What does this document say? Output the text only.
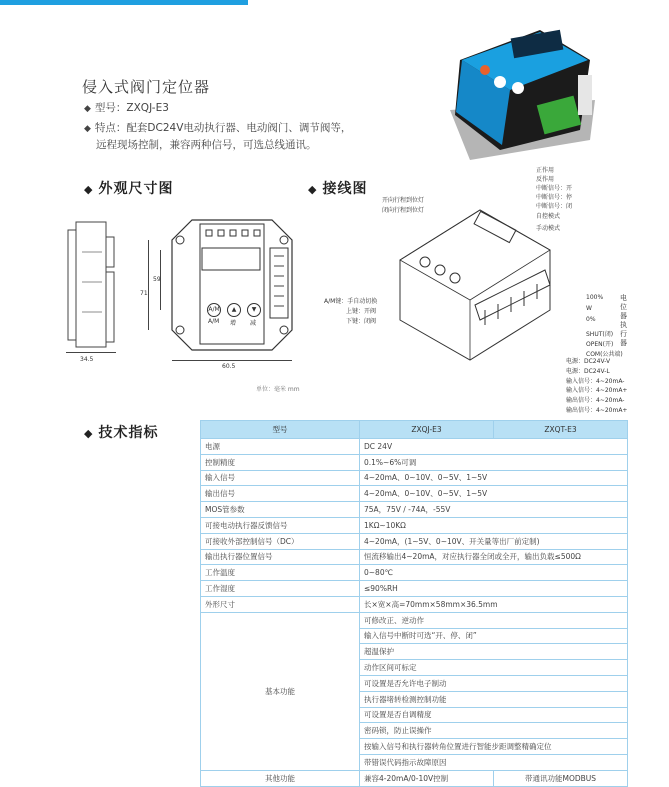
侵入式阀门定位器
◆ 型号：ZXQJ-E3
◆ 特点：配套DC24V电动执行器、电动阀门、调节阀等，
远程现场控制，兼容两种信号，可选总线通讯。
◆ 外观尺寸图	◆ 接线图
34.5
A/M	▲	▼
A/M 增 减
71
59
60.5
单位：毫米 mm
正作用
反作用
中断信号：开
中断信号：停
中断信号：闭
自控模式
手动模式
开向行程到位灯
闭向行程到位灯
A/M键：手自动切换
上键：开阀
下键：闭阀
100%
W
0%
SHUT(闭)
OPEN(开)
COM(公共端)
电
位
器
执
行
器
电源：DC24V-V
电源：DC24V-L
输入信号：4~20mA-
输入信号：4~20mA+
输出信号：4~20mA-
输出信号：4~20mA+
◆ 技术指标	型号	ZXQJ-E3	ZXQT-E3
电源	DC 24V	
控制精度	0.1%~6%可调	
输入信号	4~20mA、0~10V、0~5V、1~5V	
输出信号	4~20mA、0~10V、0~5V、1~5V	
MOS管参数	75A，75V / -74A，-55V	
可接电动执行器反馈信号	1KΩ~10KΩ	
可接收外部控制信号（DC）	4~20mA，(1~5V、0~10V、开关量等出厂前定制)	
输出执行器位置信号	恒流移输出4~20mA，对应执行器全闭或全开，输出负载≤500Ω	
工作温度	0~80℃	
工作湿度	≤90%RH	
外形尺寸	长×宽×高=70mm×58mm×36.5mm	
基本功能	可修改正、逆动作	
	输入信号中断时可选“开、停、闭”	
	超温保护	
	动作区间可标定	
	可设置是否允许电子制动	
	执行器堵转检测控制功能	
	可设置是否自调精度	
	密码锁，防止误操作	
	按输入信号和执行器转角位置进行智能步距调整精确定位	
	带错误代码指示故障原因	
其他功能	兼容4-20mA/0-10V控制	带通讯功能MODBUS
